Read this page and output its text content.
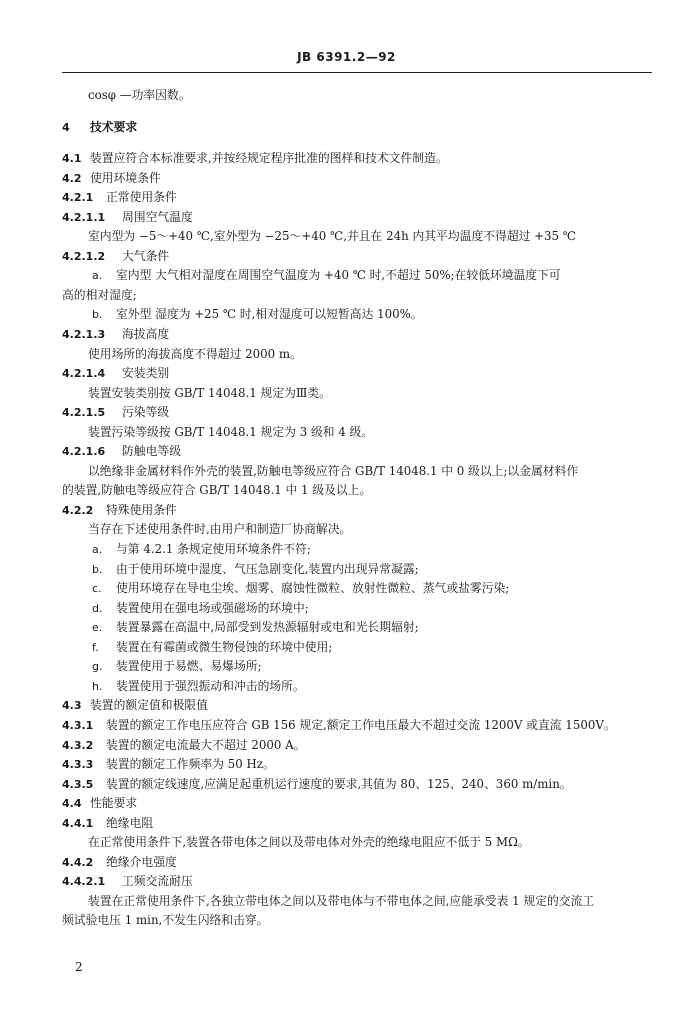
JB 6391.2—92
cosφ —功率因数。
4 技术要求
4.1 装置应符合本标准要求,并按经规定程序批准的图样和技术文件制造。
4.2 使用环境条件
4.2.1 正常使用条件
4.2.1.1 周围空气温度
室内型为 −5～+40 ℃,室外型为 −25～+40 ℃,并且在 24h 内其平均温度不得超过 +35 ℃
4.2.1.2 大气条件
a. 室内型 大气相对湿度在周围空气温度为 +40 ℃ 时,不超过 50%;在较低环境温度下可
高的相对湿度;
b. 室外型 湿度为 +25 ℃ 时,相对湿度可以短暂高达 100%。
4.2.1.3 海拔高度
使用场所的海拔高度不得超过 2000 m。
4.2.1.4 安装类别
装置安装类别按 GB/T 14048.1 规定为Ⅲ类。
4.2.1.5 污染等级
装置污染等级按 GB/T 14048.1 规定为 3 级和 4 级。
4.2.1.6 防触电等级
以绝缘非金属材料作外壳的装置,防触电等级应符合 GB/T 14048.1 中 0 级以上;以金属材料作
的装置,防触电等级应符合 GB/T 14048.1 中 1 级及以上。
4.2.2 特殊使用条件
当存在下述使用条件时,由用户和制造厂协商解决。
a. 与第 4.2.1 条规定使用环境条件不符;
b. 由于使用环境中湿度、气压急剧变化,装置内出现异常凝露;
c. 使用环境存在导电尘埃、烟雾、腐蚀性微粒、放射性微粒、蒸气或盐雾污染;
d. 装置使用在强电场或强磁场的环境中;
e. 装置暴露在高温中,局部受到发热源辐射或电和光长期辐射;
f. 装置在有霉菌或微生物侵蚀的环境中使用;
g. 装置使用于易燃、易爆场所;
h. 装置使用于强烈振动和冲击的场所。
4.3 装置的额定值和极限值
4.3.1 装置的额定工作电压应符合 GB 156 规定,额定工作电压最大不超过交流 1200V 或直流 1500V。
4.3.2 装置的额定电流最大不超过 2000 A。
4.3.3 装置的额定工作频率为 50 Hz。
4.3.5 装置的额定线速度,应满足起重机运行速度的要求,其值为 80、125、240、360 m/min。
4.4 性能要求
4.4.1 绝缘电阻
在正常使用条件下,装置各带电体之间以及带电体对外壳的绝缘电阻应不低于 5 MΩ。
4.4.2 绝缘介电强度
4.4.2.1 工频交流耐压
装置在正常使用条件下,各独立带电体之间以及带电体与不带电体之间,应能承受表 1 规定的交流工
频试验电压 1 min,不发生闪络和击穿。
2
